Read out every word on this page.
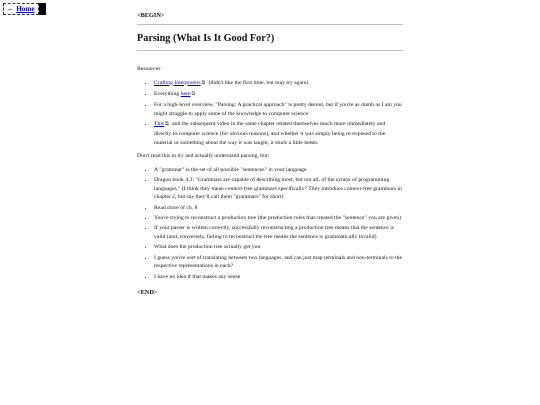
← Home
<BEGIN>
Parsing (What Is It Good For?)

Resources:

• Crafting Interpreters⧉ (didn't like the first time, but may try again)
• Everything here⧉
• For a high-level overview, "Parsing: A practical approach" is pretty decent, but if you're as dumb as I am you might struggle to apply some of the knowledge to computer science
• This⧉ and the subsequent video in the same chapter related themselves much more immediately and directly to computer science (for obvious reasons), and whether it was simply being re-exposed to the material or something about the way it was taught, it stuck a little better.

Don't read this to try and actually understand parsing, but:

• A "grammar" is the set of all possible "sentences" in your language.
• Dragon book 4.3: "Grammars are capable of describing most, but not all, of the syntax of programming languages." (I think they mean context-free grammars specifically? They introduce context-free grammars in chapter 2, but say they'll call them "grammars" for short)
• Read more of ch. 8
• You're trying to reconstruct a production tree (the production rules that created the "sentence" you are given)
• If your parser is written correctly, successfully reconstructing a production tree means that the sentence is valid (and, conversely, failing to reconstruct the tree means the sentence is grammatically invalid)
• What does the production tree actually get you
• I guess you're sort of translating between two languages, and can just map terminals and non-terminals to the respective representations in each?
• I have no idea if that makes any sense
<END>
